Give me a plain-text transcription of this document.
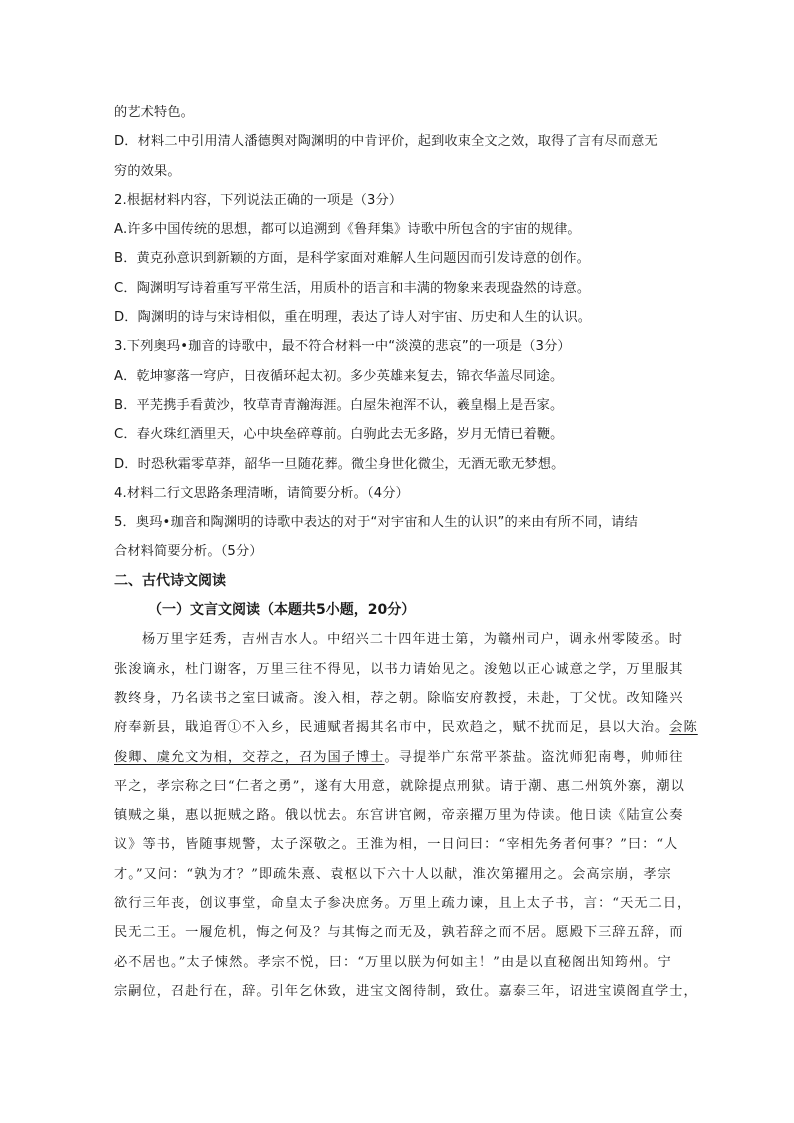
的艺术特色。
D．材料二中引用清人潘德舆对陶渊明的中肯评价，起到收束全文之效，取得了言有尽而意无
穷的效果。
2.根据材料内容，下列说法正确的一项是（3分）
A.许多中国传统的思想，都可以追溯到《鲁拜集》诗歌中所包含的宇宙的规律。
B．黄克孙意识到新颖的方面，是科学家面对难解人生问题因而引发诗意的创作。
C．陶渊明写诗着重写平常生活，用质朴的语言和丰满的物象来表现盎然的诗意。
D．陶渊明的诗与宋诗相似，重在明理，表达了诗人对宇宙、历史和人生的认识。
3.下列奥玛•珈音的诗歌中，最不符合材料一中“淡漠的悲哀”的一项是（3分）
A．乾坤寥落一穹庐，日夜循环起太初。多少英雄来复去，锦衣华盖尽同途。
B．平芜携手看黄沙，牧草青青瀚海涯。白屋朱袍浑不认，羲皇榻上是吾家。
C．春火珠红酒里天，心中块垒碎尊前。白驹此去无多路，岁月无情已着鞭。
D．时恐秋霜零草莽，韶华一旦随花葬。微尘身世化微尘，无酒无歌无梦想。
4.材料二行文思路条理清晰，请简要分析。（4分）
5．奥玛•珈音和陶渊明的诗歌中表达的对于“对宇宙和人生的认识”的来由有所不同，请结
合材料简要分析。（5分）
二、古代诗文阅读
（一）文言文阅读（本题共5小题，20分）
杨万里字廷秀，吉州吉水人。中绍兴二十四年进士第，为赣州司户，调永州零陵丞。时
张浚谪永，杜门谢客，万里三往不得见，以书力请始见之。浚勉以正心诚意之学，万里服其
教终身，乃名读书之室曰诚斋。浚入相，荐之朝。除临安府教授，未赴，丁父忧。改知隆兴
府奉新县，戢追胥①不入乡，民逋赋者揭其名市中，民欢趋之，赋不扰而足，县以大治。会陈
俊卿、虞允文为相，交荐之，召为国子博士。寻提举广东常平茶盐。盗沈师犯南粤，帅师往
平之，孝宗称之曰“仁者之勇”，遂有大用意，就除提点刑狱。请于潮、惠二州筑外寨，潮以
镇贼之巢，惠以扼贼之路。俄以忧去。东宫讲官阙，帝亲擢万里为侍读。他日读《陆宣公奏
议》等书，皆随事规警，太子深敬之。王淮为相，一日问曰：“宰相先务者何事？”曰：“人
才。”又问：“孰为才？”即疏朱熹、袁枢以下六十人以献，淮次第擢用之。会高宗崩，孝宗
欲行三年丧，创议事堂，命皇太子参决庶务。万里上疏力谏，且上太子书，言：“天无二日，
民无二王。一履危机，悔之何及？与其悔之而无及，孰若辞之而不居。愿殿下三辞五辞，而
必不居也。”太子悚然。孝宗不悦，曰：“万里以朕为何如主！”由是以直秘阁出知筠州。宁
宗嗣位，召赴行在，辞。引年乞休致，进宝文阁待制，致仕。嘉泰三年，诏进宝谟阁直学士，
